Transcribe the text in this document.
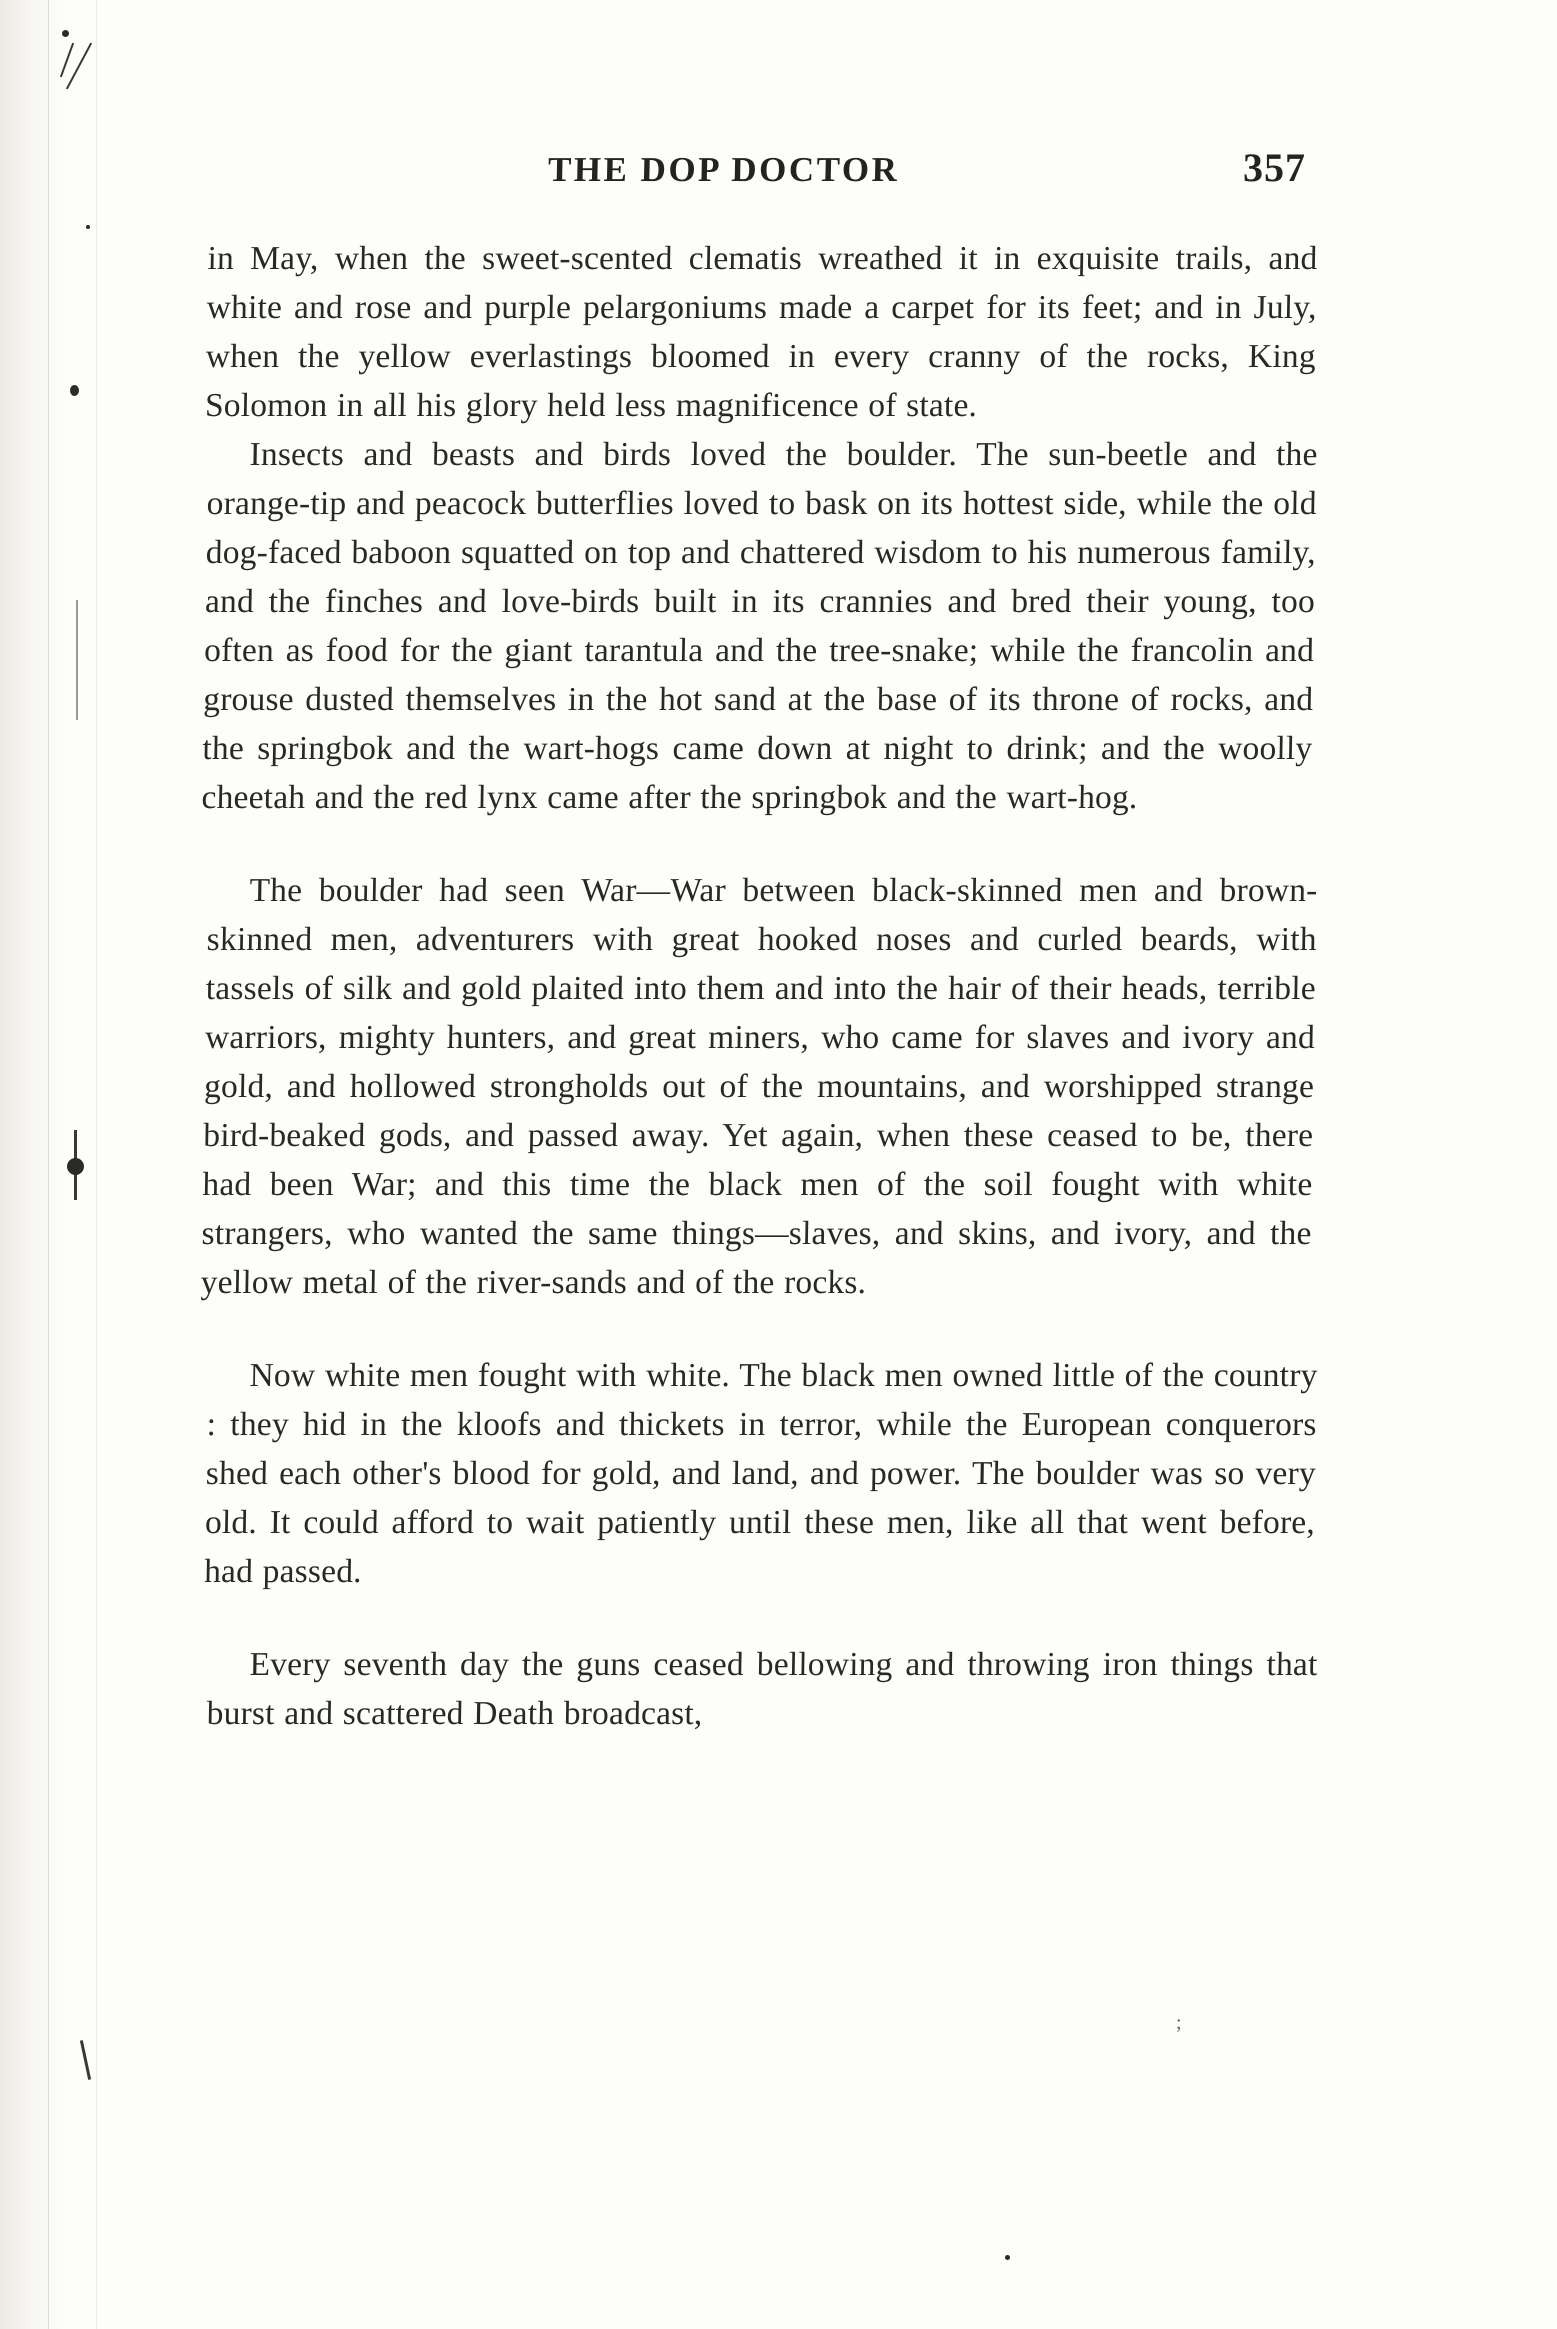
THE DOP DOCTOR	357

in May, when the sweet-scented clematis wreathed it in exquisite trails, and white and rose and purple pelargoniums made a carpet for its feet; and in July, when the yellow everlastings bloomed in every cranny of the rocks, King Solomon in all his glory held less magnificence of state.

Insects and beasts and birds loved the boulder. The sun-beetle and the orange-tip and peacock butterflies loved to bask on its hottest side, while the old dog-faced baboon squatted on top and chattered wisdom to his numerous family, and the finches and love-birds built in its crannies and bred their young, too often as food for the giant tarantula and the tree-snake; while the francolin and grouse dusted themselves in the hot sand at the base of its throne of rocks, and the springbok and the wart-hogs came down at night to drink; and the woolly cheetah and the red lynx came after the springbok and the wart-hog.

The boulder had seen War—War between black-skinned men and brown-skinned men, adventurers with great hooked noses and curled beards, with tassels of silk and gold plaited into them and into the hair of their heads, terrible warriors, mighty hunters, and great miners, who came for slaves and ivory and gold, and hollowed strongholds out of the mountains, and worshipped strange bird-beaked gods, and passed away. Yet again, when these ceased to be, there had been War; and this time the black men of the soil fought with white strangers, who wanted the same things—slaves, and skins, and ivory, and the yellow metal of the river-sands and of the rocks.

Now white men fought with white. The black men owned little of the country : they hid in the kloofs and thickets in terror, while the European conquerors shed each other's blood for gold, and land, and power. The boulder was so very old. It could afford to wait patiently until these men, like all that went before, had passed.

Every seventh day the guns ceased bellowing and throwing iron things that burst and scattered Death broadcast,

;
